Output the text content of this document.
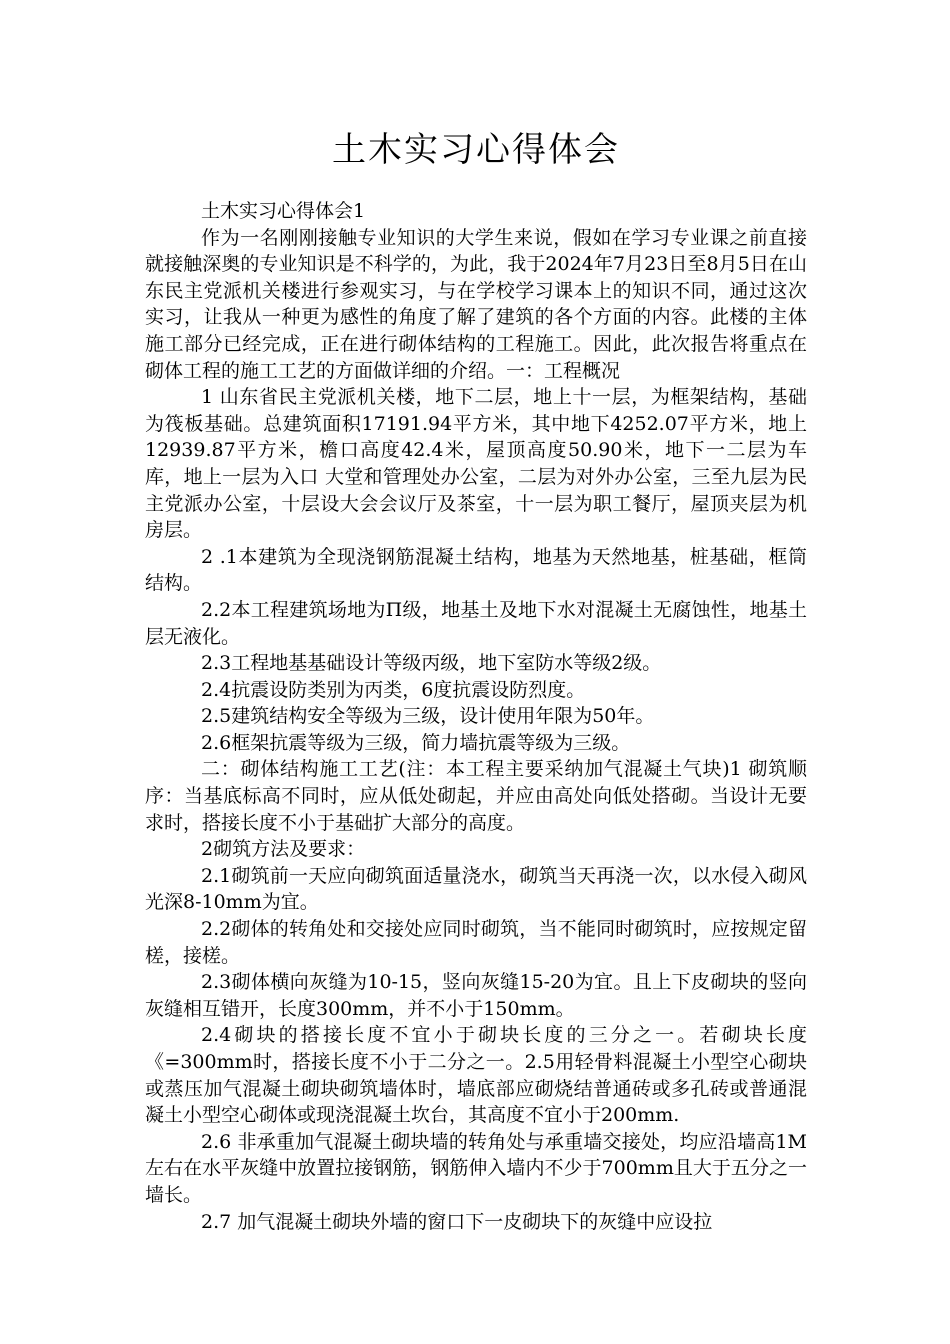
土木实习心得体会

土木实习心得体会1

作为一名刚刚接触专业知识的大学生来说，假如在学习专业课之前直接就接触深奥的专业知识是不科学的，为此，我于2024年7月23日至8月5日在山东民主党派机关楼进行参观实习，与在学校学习课本上的知识不同，通过这次实习，让我从一种更为感性的角度了解了建筑的各个方面的内容。此楼的主体施工部分已经完成，正在进行砌体结构的工程施工。因此，此次报告将重点在砌体工程的施工工艺的方面做详细的介绍。一：工程概况

1 山东省民主党派机关楼，地下二层，地上十一层，为框架结构，基础为筏板基础。总建筑面积17191.94平方米，其中地下4252.07平方米，地上12939.87平方米，檐口高度42.4米，屋顶高度50.90米，地下一二层为车库，地上一层为入口 大堂和管理处办公室，二层为对外办公室，三至九层为民主党派办公室，十层设大会会议厅及茶室，十一层为职工餐厅，屋顶夹层为机房层。

2 .1本建筑为全现浇钢筋混凝土结构，地基为天然地基，桩基础，框筒结构。

2.2本工程建筑场地为Π级，地基土及地下水对混凝土无腐蚀性，地基土层无液化。

2.3工程地基基础设计等级丙级，地下室防水等级2级。

2.4抗震设防类别为丙类，6度抗震设防烈度。

2.5建筑结构安全等级为三级，设计使用年限为50年。

2.6框架抗震等级为三级，简力墙抗震等级为三级。

二：砌体结构施工工艺(注：本工程主要采纳加气混凝土气块)1 砌筑顺序：当基底标高不同时，应从低处砌起，并应由高处向低处搭砌。当设计无要求时，搭接长度不小于基础扩大部分的高度。

2砌筑方法及要求：

2.1砌筑前一天应向砌筑面适量浇水，砌筑当天再浇一次，以水侵入砌风光深8-10mm为宜。

2.2砌体的转角处和交接处应同时砌筑，当不能同时砌筑时，应按规定留槎，接槎。

2.3砌体横向灰缝为10-15，竖向灰缝15-20为宜。且上下皮砌块的竖向灰缝相互错开，长度300mm，并不小于150mm。

2.4砌块的搭接长度不宜小于砌块长度的三分之一。若砌块长度《=300mm时，搭接长度不小于二分之一。2.5用轻骨料混凝土小型空心砌块或蒸压加气混凝土砌块砌筑墙体时，墙底部应砌烧结普通砖或多孔砖或普通混凝土小型空心砌体或现浇混凝土坎台，其高度不宜小于200mm.

2.6 非承重加气混凝土砌块墙的转角处与承重墙交接处，均应沿墙高1M左右在水平灰缝中放置拉接钢筋，钢筋伸入墙内不少于700mm且大于五分之一墙长。

2.7 加气混凝土砌块外墙的窗口下一皮砌块下的灰缝中应设拉
